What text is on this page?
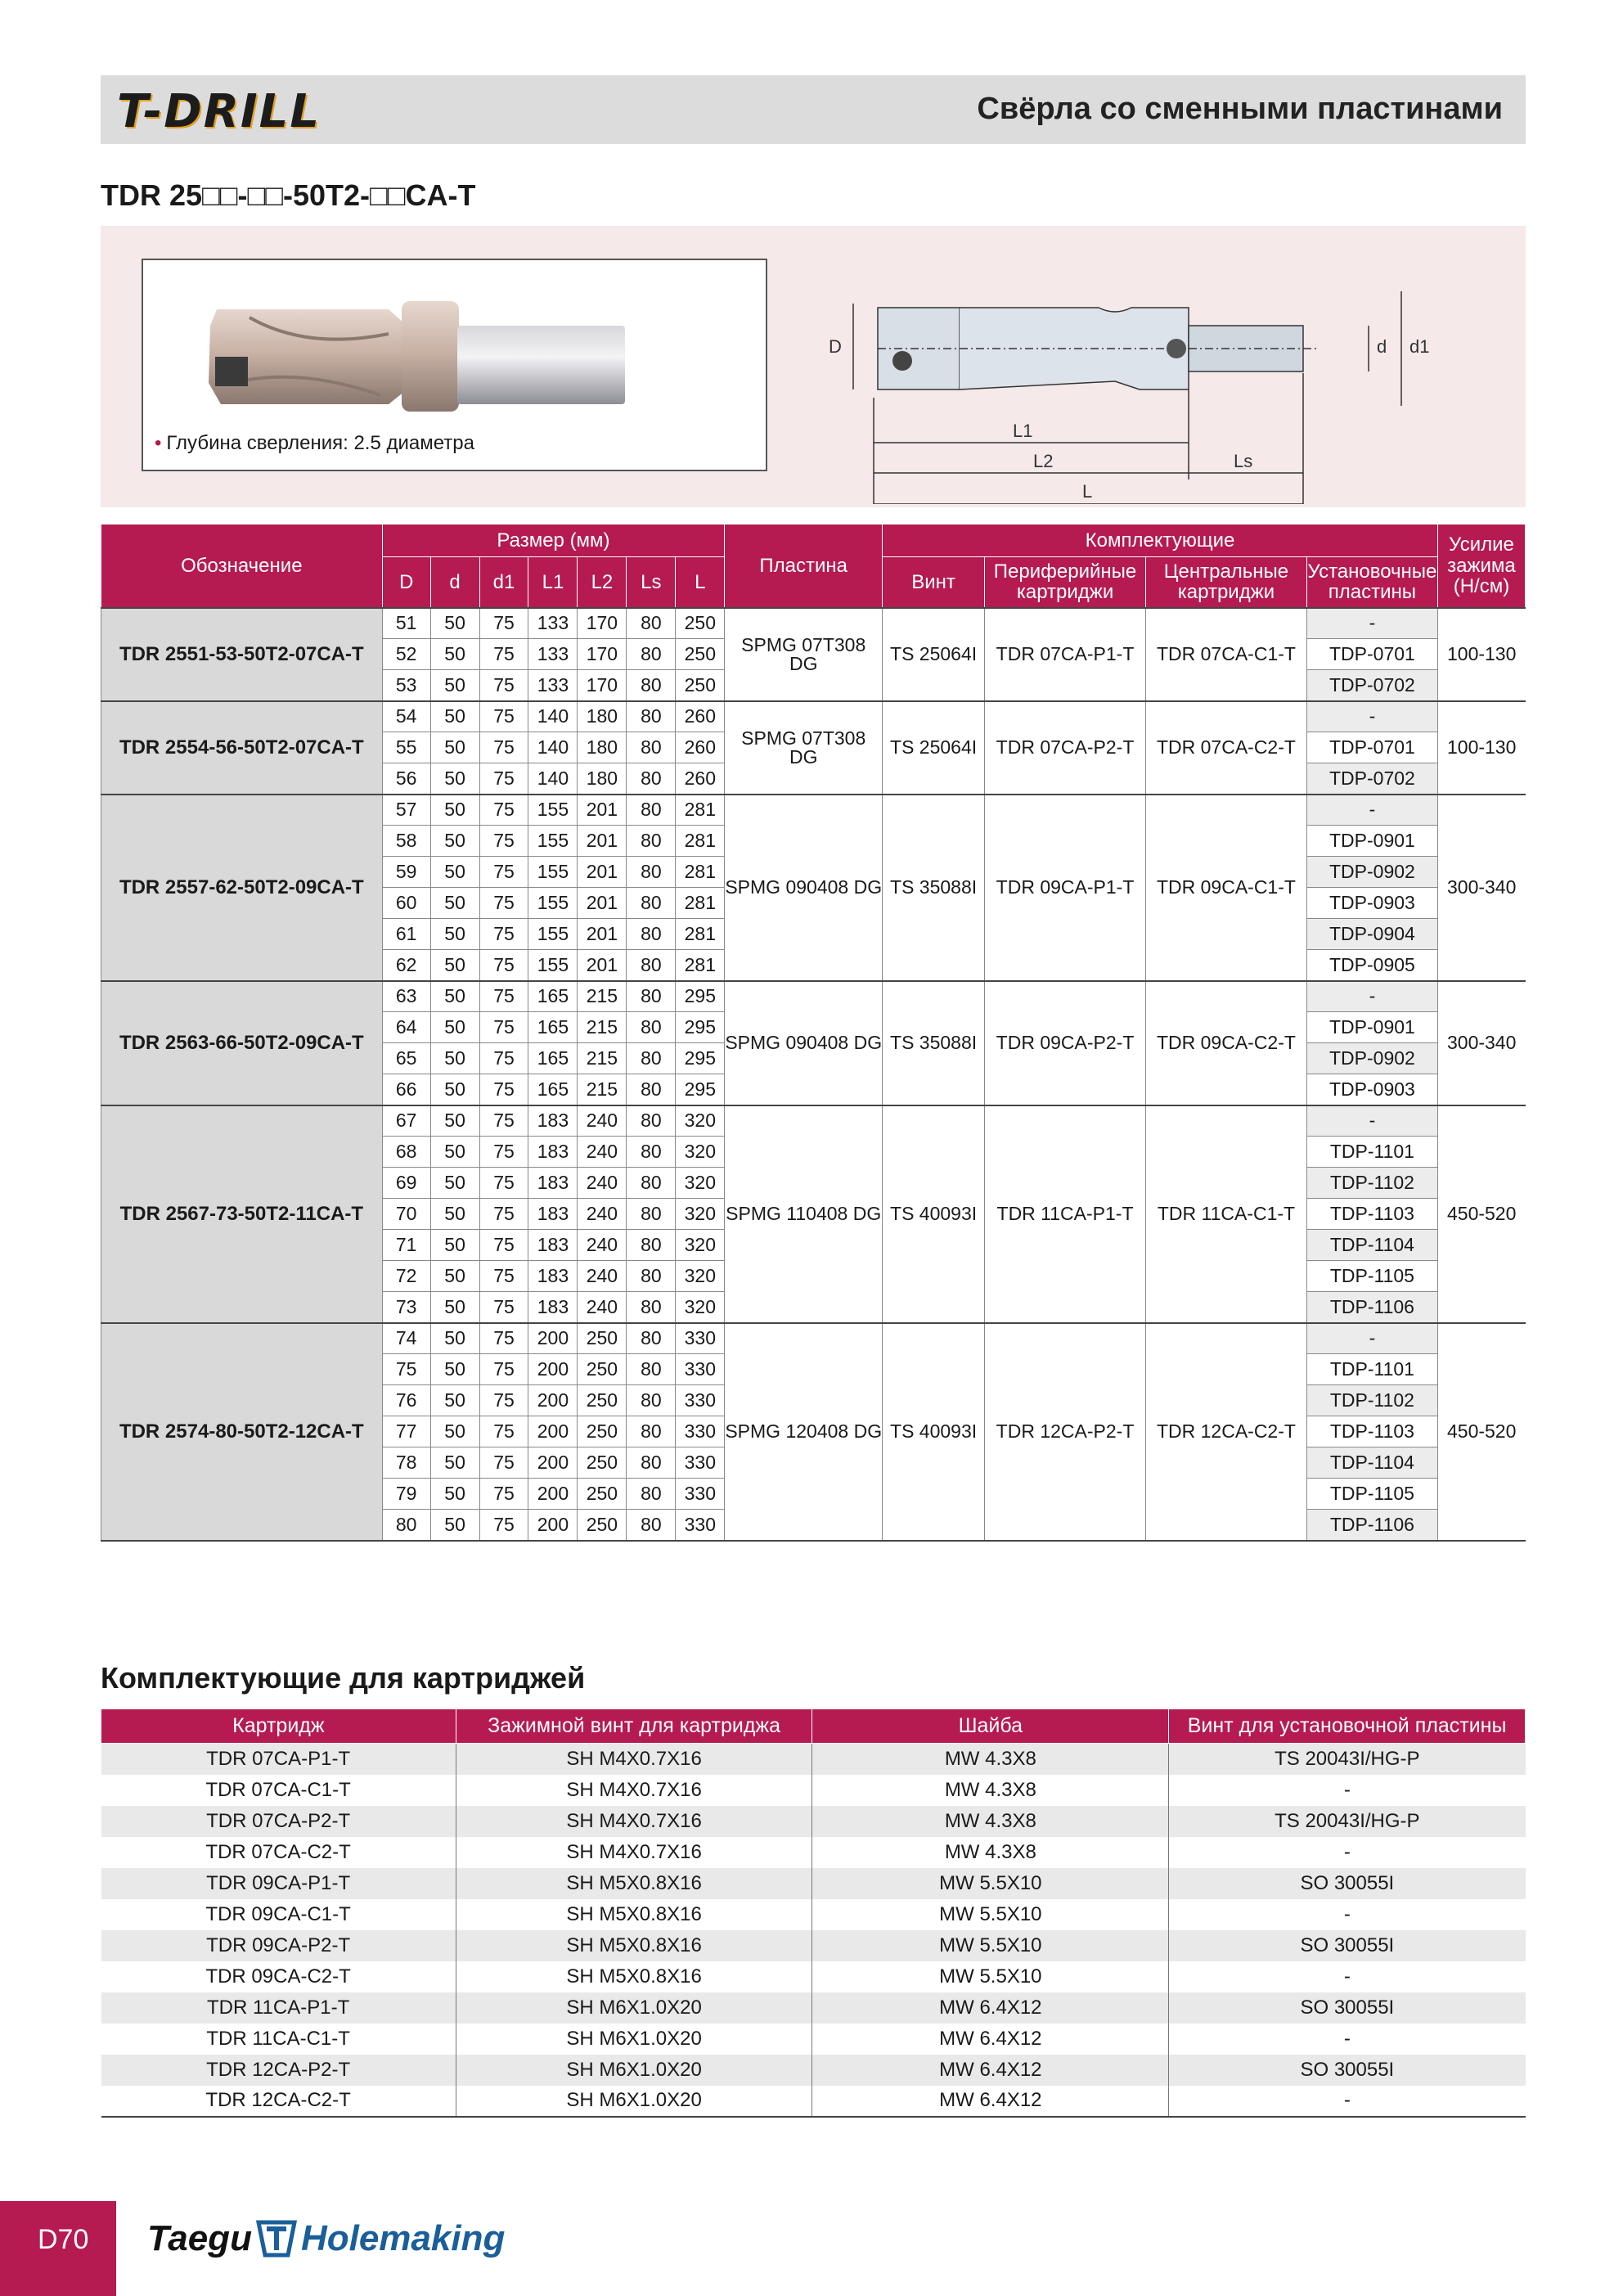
T-DRILL	Свёрла со сменными пластинами
TDR 25□□-□□-50T2-□□CA-T
• Глубина сверления: 2.5 диаметра
D	d1
d
L1
L2	Ls
L
Обозначение	Размер (мм)							Пластина	Комплектующие				Усилие зажима (Н/см)
	D	d	d1	L1	L2	Ls	L		Винт	Периферийные картриджи	Центральные картриджи	Установочные пластины	
TDR 2551-53-50T2-07CA-T	51	50	75	133	170	80	250	SPMG 07T308 DG	TS 25064I	TDR 07CA-P1-T	TDR 07CA-C1-T	-	100-130
	52	50	75	133	170	80	250					TDP-0701	
	53	50	75	133	170	80	250					TDP-0702	
TDR 2554-56-50T2-07CA-T	54	50	75	140	180	80	260	SPMG 07T308 DG	TS 25064I	TDR 07CA-P2-T	TDR 07CA-C2-T	-	100-130
	55	50	75	140	180	80	260					TDP-0701	
	56	50	75	140	180	80	260					TDP-0702	
TDR 2557-62-50T2-09CA-T	57	50	75	155	201	80	281	SPMG 090408 DG	TS 35088I	TDR 09CA-P1-T	TDR 09CA-C1-T	-	300-340
	58	50	75	155	201	80	281					TDP-0901	
	59	50	75	155	201	80	281					TDP-0902	
	60	50	75	155	201	80	281					TDP-0903	
	61	50	75	155	201	80	281					TDP-0904	
	62	50	75	155	201	80	281					TDP-0905	
TDR 2563-66-50T2-09CA-T	63	50	75	165	215	80	295	SPMG 090408 DG	TS 35088I	TDR 09CA-P2-T	TDR 09CA-C2-T	-	300-340
	64	50	75	165	215	80	295					TDP-0901	
	65	50	75	165	215	80	295					TDP-0902	
	66	50	75	165	215	80	295					TDP-0903	
TDR 2567-73-50T2-11CA-T	67	50	75	183	240	80	320	SPMG 110408 DG	TS 40093I	TDR 11CA-P1-T	TDR 11CA-C1-T	-	450-520
	68	50	75	183	240	80	320					TDP-1101	
	69	50	75	183	240	80	320					TDP-1102	
	70	50	75	183	240	80	320					TDP-1103	
	71	50	75	183	240	80	320					TDP-1104	
	72	50	75	183	240	80	320					TDP-1105	
	73	50	75	183	240	80	320					TDP-1106	
TDR 2574-80-50T2-12CA-T	74	50	75	200	250	80	330	SPMG 120408 DG	TS 40093I	TDR 12CA-P2-T	TDR 12CA-C2-T	-	450-520
	75	50	75	200	250	80	330					TDP-1101	
	76	50	75	200	250	80	330					TDP-1102	
	77	50	75	200	250	80	330					TDP-1103	
	78	50	75	200	250	80	330					TDP-1104	
	79	50	75	200	250	80	330					TDP-1105	
	80	50	75	200	250	80	330					TDP-1106	
Комплектующие для картриджей
Картридж	Зажимной винт для картриджа	Шайба	Винт для установочной пластины
TDR 07CA-P1-T	SH M4X0.7X16	MW 4.3X8	TS 20043I/HG-P
TDR 07CA-C1-T	SH M4X0.7X16	MW 4.3X8	-
TDR 07CA-P2-T	SH M4X0.7X16	MW 4.3X8	TS 20043I/HG-P
TDR 07CA-C2-T	SH M4X0.7X16	MW 4.3X8	-
TDR 09CA-P1-T	SH M5X0.8X16	MW 5.5X10	SO 30055I
TDR 09CA-C1-T	SH M5X0.8X16	MW 5.5X10	-
TDR 09CA-P2-T	SH M5X0.8X16	MW 5.5X10	SO 30055I
TDR 09CA-C2-T	SH M5X0.8X16	MW 5.5X10	-
TDR 11CA-P1-T	SH M6X1.0X20	MW 6.4X12	SO 30055I
TDR 11CA-C1-T	SH M6X1.0X20	MW 6.4X12	-
TDR 12CA-P2-T	SH M6X1.0X20	MW 6.4X12	SO 30055I
TDR 12CA-C2-T	SH M6X1.0X20	MW 6.4X12	-
D70 Taegu Holemaking
